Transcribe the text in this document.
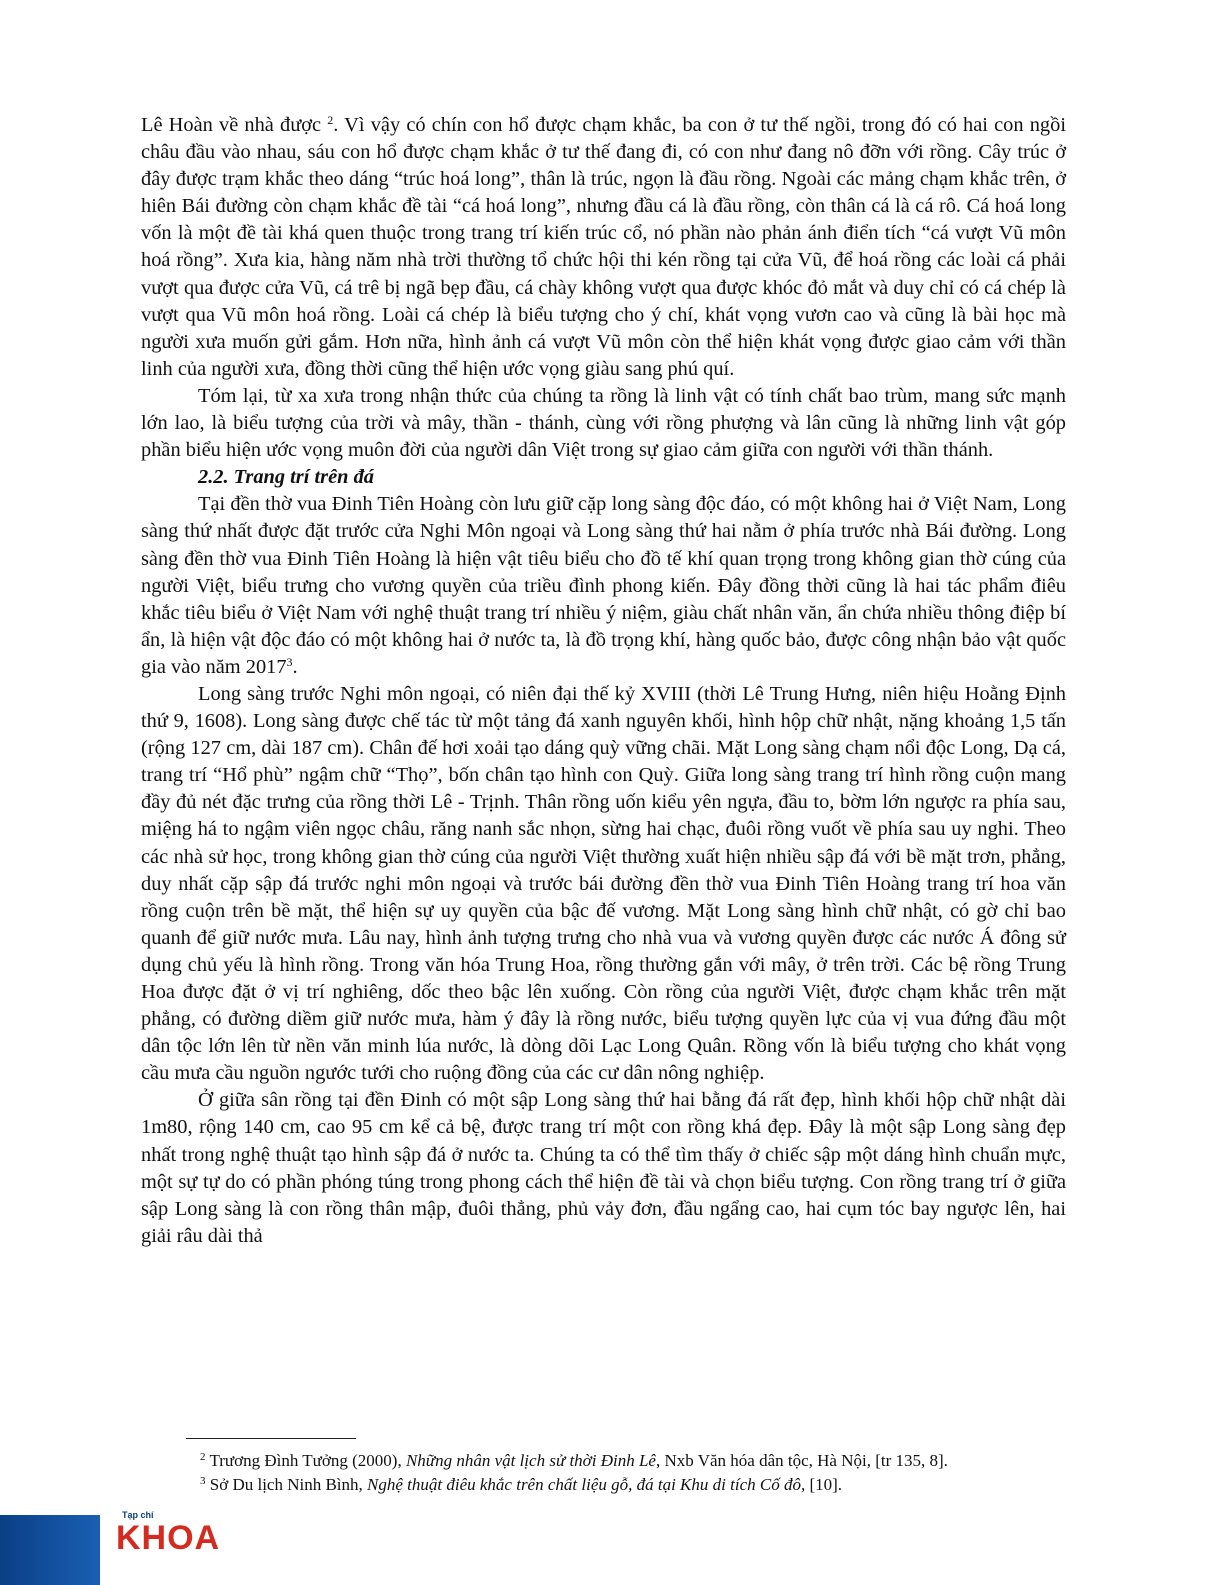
Lê Hoàn về nhà được $^2$. Vì vậy có chín con hổ được chạm khắc, ba con ở tư thế ngồi, trong đó có hai con ngồi châu đầu vào nhau, sáu con hổ được chạm khắc ở tư thế đang đi, có con như đang nô đỡn với rồng. Cây trúc ở đây được trạm khắc theo dáng “trúc hoá long”, thân là trúc, ngọn là đầu rồng. Ngoài các mảng chạm khắc trên, ở hiên Bái đường còn chạm khắc đề tài “cá hoá long”, nhưng đầu cá là đầu rồng, còn thân cá là cá rô. Cá hoá long vốn là một đề tài khá quen thuộc trong trang trí kiến trúc cổ, nó phần nào phản ánh điển tích “cá vượt Vũ môn hoá rồng”. Xưa kia, hàng năm nhà trời thường tổ chức hội thi kén rồng tại cửa Vũ, để hoá rồng các loài cá phải vượt qua được cửa Vũ, cá trê bị ngã bẹp đầu, cá chày không vượt qua được khóc đỏ mắt và duy chỉ có cá chép là vượt qua Vũ môn hoá rồng. Loài cá chép là biểu tượng cho ý chí, khát vọng vươn cao và cũng là bài học mà người xưa muốn gửi gắm. Hơn nữa, hình ảnh cá vượt Vũ môn còn thể hiện khát vọng được giao cảm với thần linh của người xưa, đồng thời cũng thể hiện ước vọng giàu sang phú quí.

Tóm lại, từ xa xưa trong nhận thức của chúng ta rồng là linh vật có tính chất bao trùm, mang sức mạnh lớn lao, là biểu tượng của trời và mây, thần - thánh, cùng với rồng phượng và lân cũng là những linh vật góp phần biểu hiện ước vọng muôn đời của người dân Việt trong sự giao cảm giữa con người với thần thánh.

2.2. Trang trí trên đá

Tại đền thờ vua Đinh Tiên Hoàng còn lưu giữ cặp long sàng độc đáo, có một không hai ở Việt Nam, Long sàng thứ nhất được đặt trước cửa Nghi Môn ngoại và Long sàng thứ hai nằm ở phía trước nhà Bái đường. Long sàng đền thờ vua Đinh Tiên Hoàng là hiện vật tiêu biểu cho đồ tế khí quan trọng trong không gian thờ cúng của người Việt, biểu trưng cho vương quyền của triều đình phong kiến. Đây đồng thời cũng là hai tác phẩm điêu khắc tiêu biểu ở Việt Nam với nghệ thuật trang trí nhiều ý niệm, giàu chất nhân văn, ẩn chứa nhiều thông điệp bí ẩn, là hiện vật độc đáo có một không hai ở nước ta, là đồ trọng khí, hàng quốc bảo, được công nhận bảo vật quốc gia vào năm 2017$^3$.

Long sàng trước Nghi môn ngoại, có niên đại thế kỷ XVIII (thời Lê Trung Hưng, niên hiệu Hoằng Định thứ 9, 1608). Long sàng được chế tác từ một tảng đá xanh nguyên khối, hình hộp chữ nhật, nặng khoảng 1,5 tấn (rộng 127 cm, dài 187 cm). Chân đế hơi xoải tạo dáng quỳ vững chãi. Mặt Long sàng chạm nổi độc Long, Dạ cá, trang trí “Hổ phù” ngậm chữ “Thọ”, bốn chân tạo hình con Quỳ. Giữa long sàng trang trí hình rồng cuộn mang đầy đủ nét đặc trưng của rồng thời Lê - Trịnh. Thân rồng uốn kiểu yên ngựa, đầu to, bờm lớn ngược ra phía sau, miệng há to ngậm viên ngọc châu, răng nanh sắc nhọn, sừng hai chạc, đuôi rồng vuốt về phía sau uy nghi. Theo các nhà sử học, trong không gian thờ cúng của người Việt thường xuất hiện nhiều sập đá với bề mặt trơn, phẳng, duy nhất cặp sập đá trước nghi môn ngoại và trước bái đường đền thờ vua Đinh Tiên Hoàng trang trí hoa văn rồng cuộn trên bề mặt, thể hiện sự uy quyền của bậc đế vương. Mặt Long sàng hình chữ nhật, có gờ chỉ bao quanh để giữ nước mưa. Lâu nay, hình ảnh tượng trưng cho nhà vua và vương quyền được các nước Á đông sử dụng chủ yếu là hình rồng. Trong văn hóa Trung Hoa, rồng thường gắn với mây, ở trên trời. Các bệ rồng Trung Hoa được đặt ở vị trí nghiêng, dốc theo bậc lên xuống. Còn rồng của người Việt, được chạm khắc trên mặt phẳng, có đường diềm giữ nước mưa, hàm ý đây là rồng nước, biểu tượng quyền lực của vị vua đứng đầu một dân tộc lớn lên từ nền văn minh lúa nước, là dòng dõi Lạc Long Quân. Rồng vốn là biểu tượng cho khát vọng cầu mưa cầu nguồn ngước tưới cho ruộng đồng của các cư dân nông nghiệp.

Ở giữa sân rồng tại đền Đinh có một sập Long sàng thứ hai bằng đá rất đẹp, hình khối hộp chữ nhật dài 1m80, rộng 140 cm, cao 95 cm kể cả bệ, được trang trí một con rồng khá đẹp. Đây là một sập Long sàng đẹp nhất trong nghệ thuật tạo hình sập đá ở nước ta. Chúng ta có thể tìm thấy ở chiếc sập một dáng hình chuẩn mực, một sự tự do có phần phóng túng trong phong cách thể hiện đề tài và chọn biểu tượng. Con rồng trang trí ở giữa sập Long sàng là con rồng thân mập, đuôi thẳng, phủ vảy đơn, đầu ngẩng cao, hai cụm tóc bay ngược lên, hai giải râu dài thả

$^2$ Trương Đình Tưởng (2000), Những nhân vật lịch sử thời Đinh Lê, Nxb Văn hóa dân tộc, Hà Nội, [tr 135, 8].

$^3$ Sở Du lịch Ninh Bình, Nghệ thuật điêu khắc trên chất liệu gỗ, đá tại Khu di tích Cố đô, [10].

Tạp chí
KHOA
